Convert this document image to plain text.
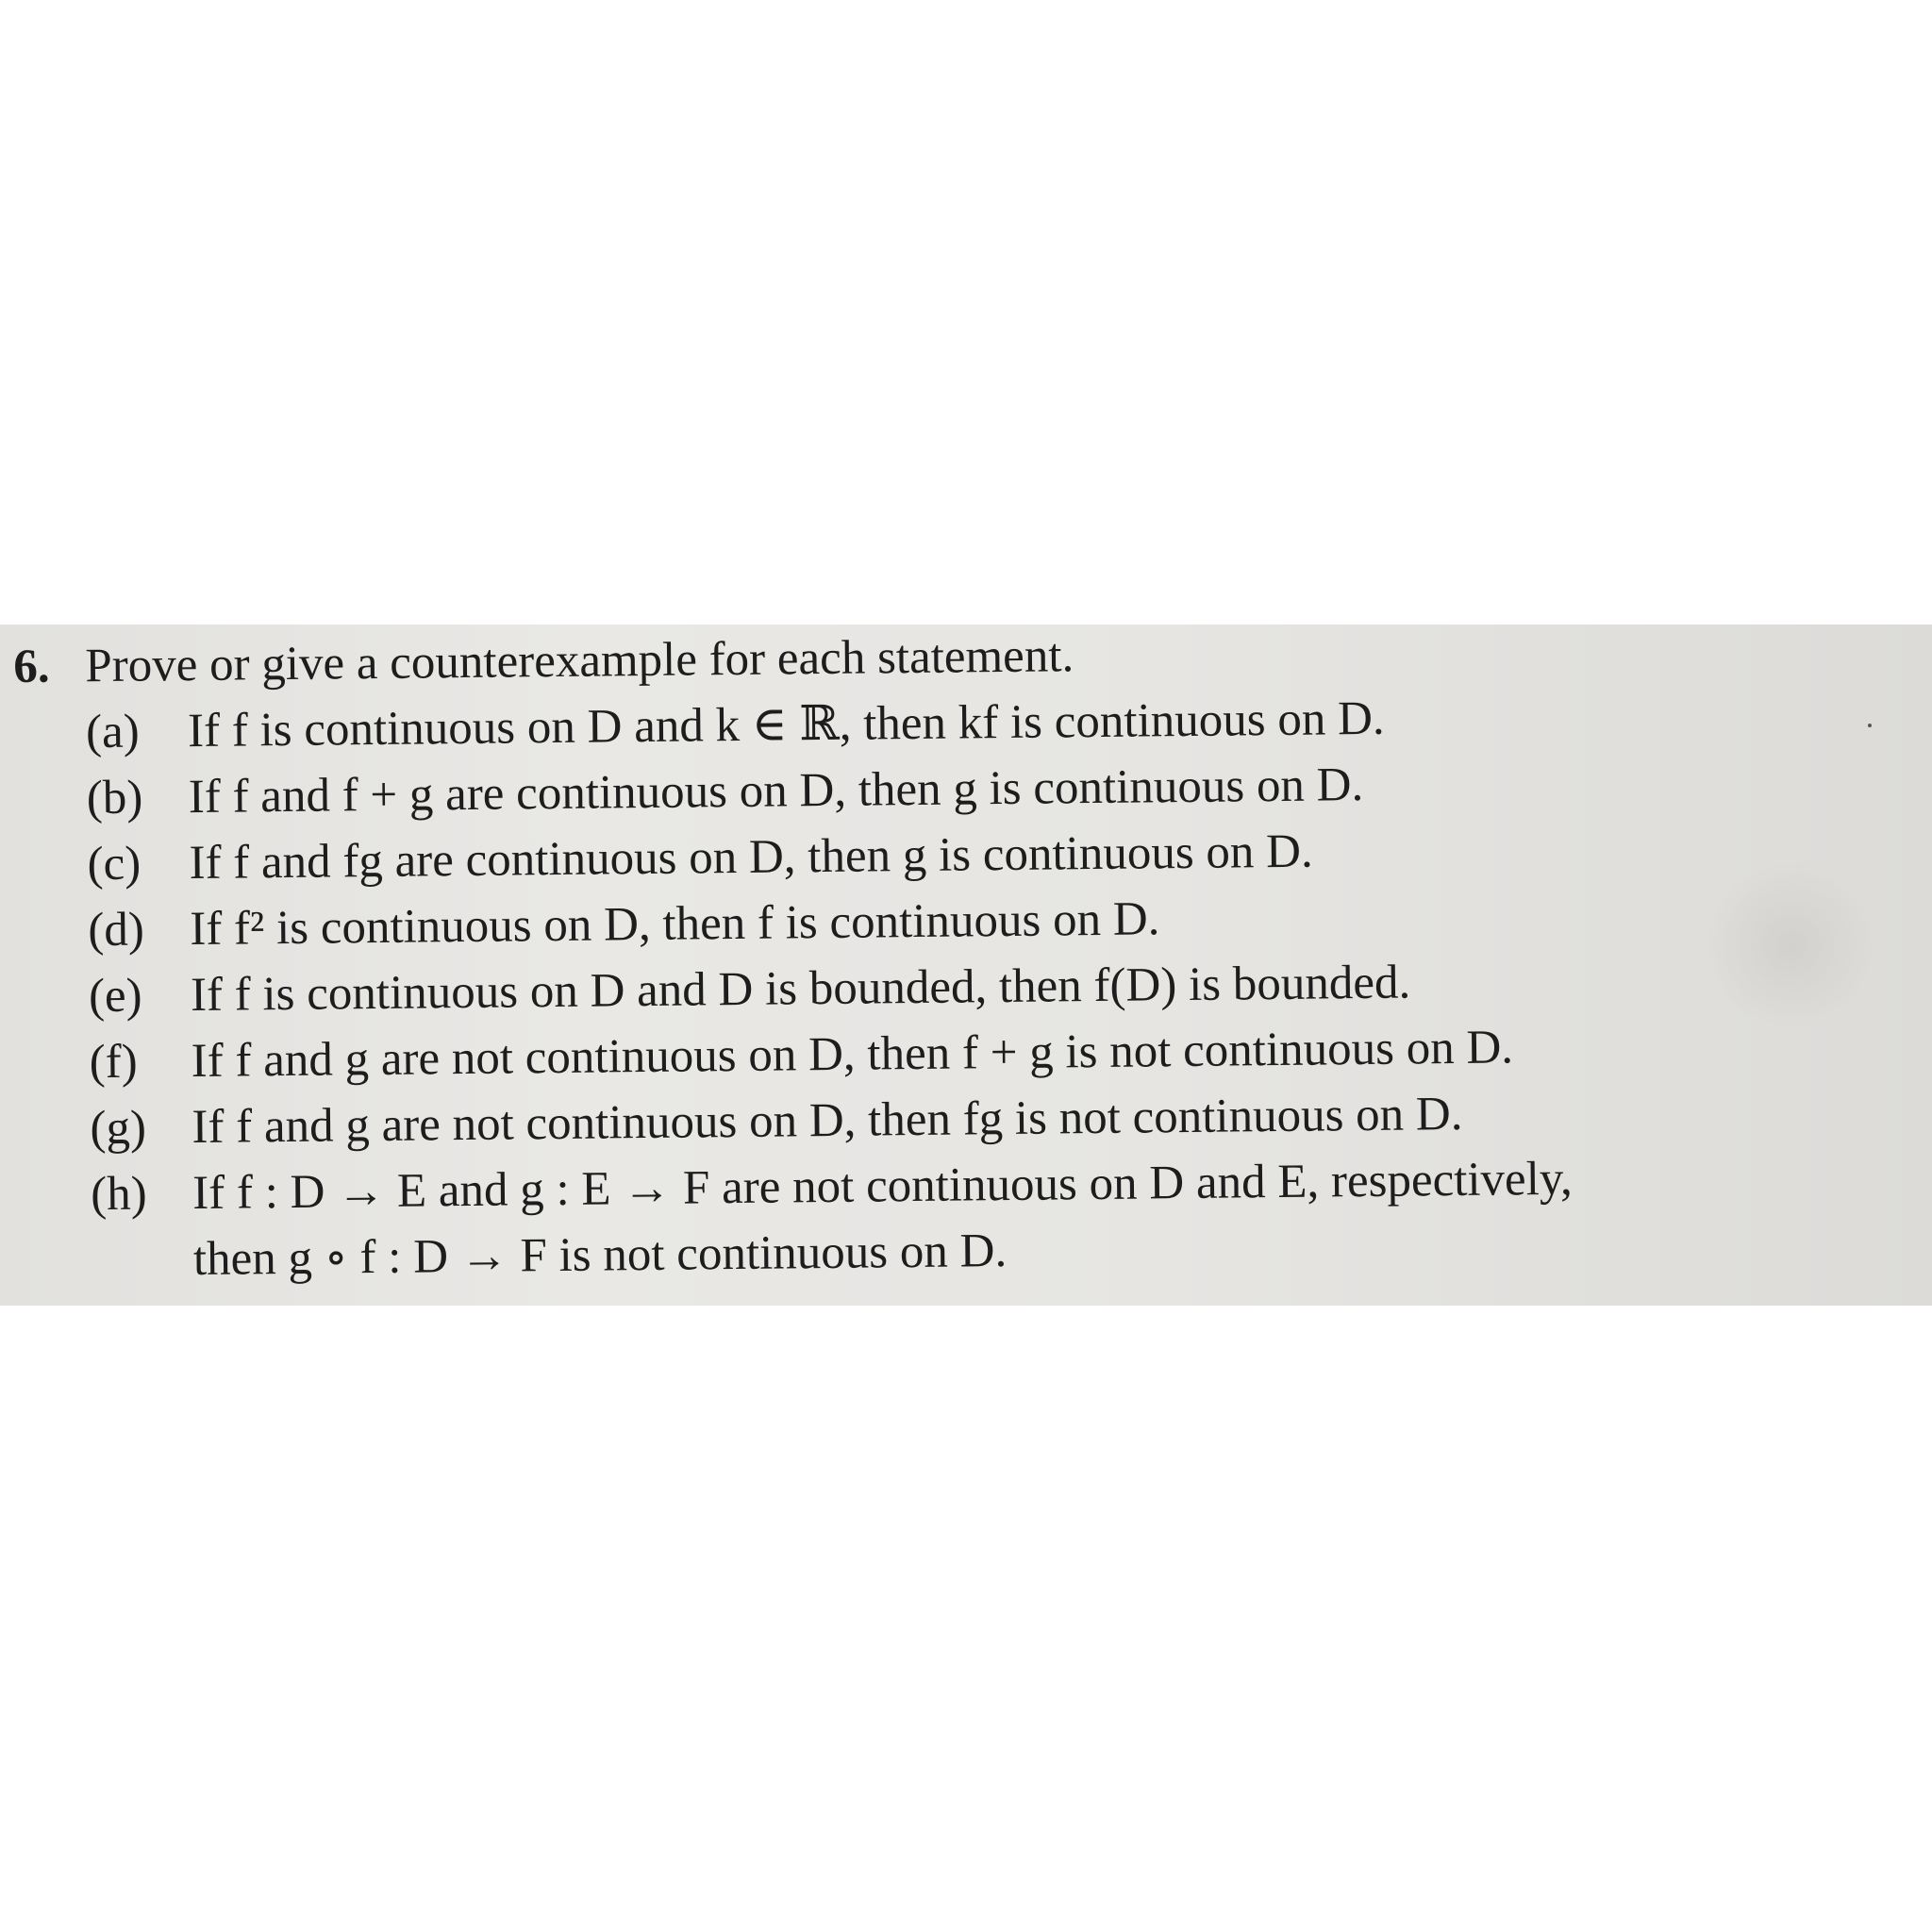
6. Prove or give a counterexample for each statement.
(a) If f is continuous on D and k ∈ ℝ, then kf is continuous on D.
(b) If f and f + g are continuous on D, then g is continuous on D.
(c) If f and fg are continuous on D, then g is continuous on D.
(d) If f² is continuous on D, then f is continuous on D.
(e) If f is continuous on D and D is bounded, then f(D) is bounded.
(f)	If f and g are not continuous on D, then f + g is not continuous on D.
(g) If f and g are not continuous on D, then fg is not continuous on D.
(h) If f : D → E and g : E → F are not continuous on D and E, respectively,
then g ∘ f : D → F is not continuous on D.
